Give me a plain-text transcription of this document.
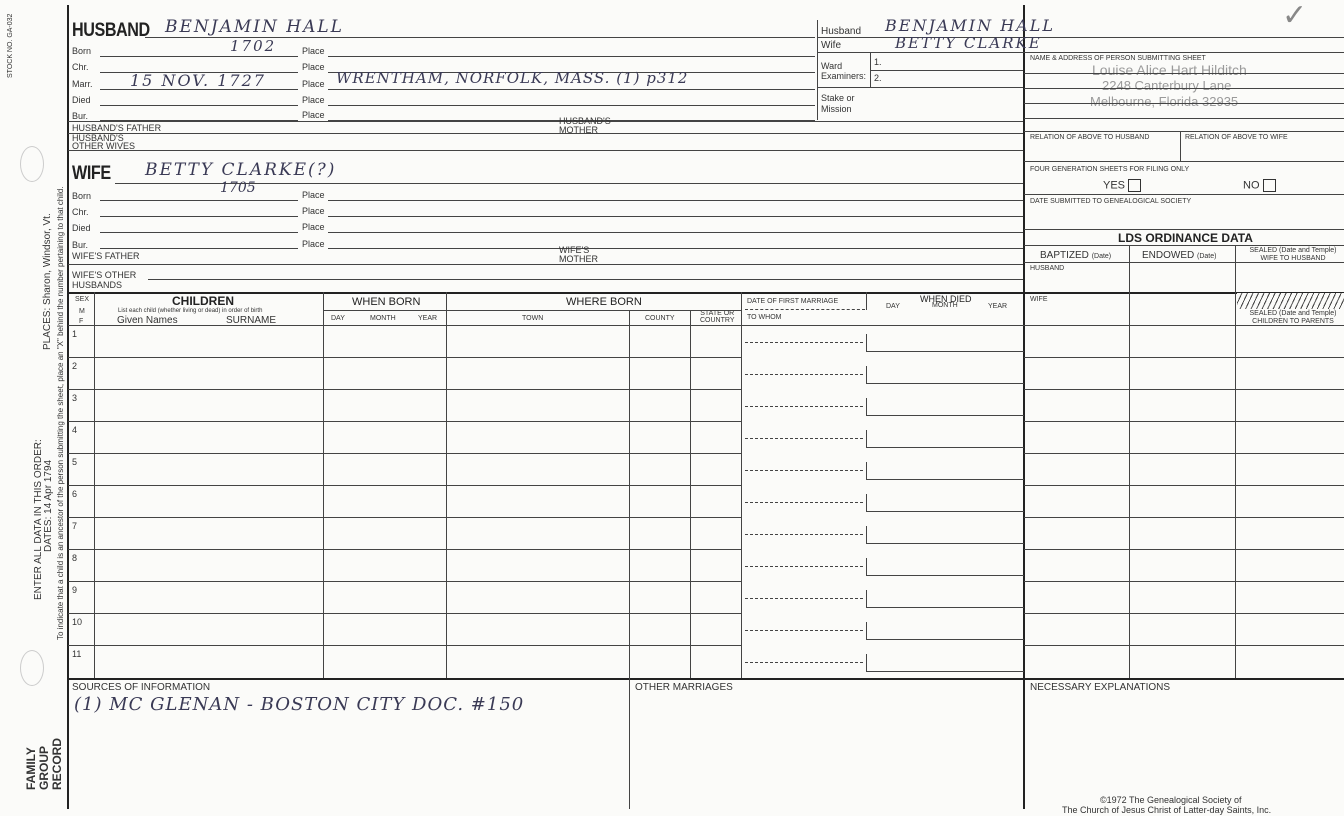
STOCK NO. GA-032
PLACES: Sharon, Windsor, Vt.
ENTER ALL DATA IN THIS ORDER: DATES: 14 Apr 1794 To indicate that a child is an ancestor of the person submitting the sheet, place an "X" behind the number pertaining to that child.
FAMILY GROUP RECORD
HUSBAND BENJAMIN HALL
Born	1702	Place
Chr.	Place
Marr. 15 NOV. 1727	Place WRENTHAM, NORFOLK, MASS. (1) p312
Died	Place
Bur.	Place
HUSBAND'S FATHER
HUSBAND'S
MOTHER
HUSBAND'S
OTHER WIVES
WIFE BETTY CLARKE(?)
Born	1705	Place
Chr.	Place
Died	Place
Bur.	Place
WIFE'S FATHER
WIFE'S
MOTHER
WIFE'S OTHER
HUSBANDS
Husband BENJAMIN HALL
Wife	BETTY CLARKE
Ward
Examiners:
1.
2.
Stake or
Mission
✓
NAME & ADDRESS OF PERSON SUBMITTING SHEET
Louise Alice Hart Hilditch
2248 Canterbury Lane
Melbourne, Florida 32935
RELATION OF ABOVE TO HUSBAND	RELATION OF ABOVE TO WIFE
FOUR GENERATION SHEETS FOR FILING ONLY
YES	NO
DATE SUBMITTED TO GENEALOGICAL SOCIETY
LDS ORDINANCE DATA
BAPTIZED (Date)	ENDOWED (Date)
SEALED (Date and Temple)
WIFE TO HUSBAND
HUSBAND
WIFE
SEALED (Date and Temple)
CHILDREN TO PARENTS
SEX
M
F
CHILDREN
List each child (whether living or dead) in order of birth
Given Names	SURNAME
WHEN BORN
DAY	MONTH	YEAR
WHERE BORN
TOWN	COUNTY
STATE OR
COUNTRY
DATE OF FIRST MARRIAGE
TO WHOM
WHEN DIED
DAY	MONTH	YEAR
1
2
3
4
5
6
7
8
9
10
11
SOURCES OF INFORMATION
(1) MC GLENAN - BOSTON CITY DOC. #150
OTHER MARRIAGES	NECESSARY EXPLANATIONS
©1972 The Genealogical Society of
The Church of Jesus Christ of Latter-day Saints, Inc.
